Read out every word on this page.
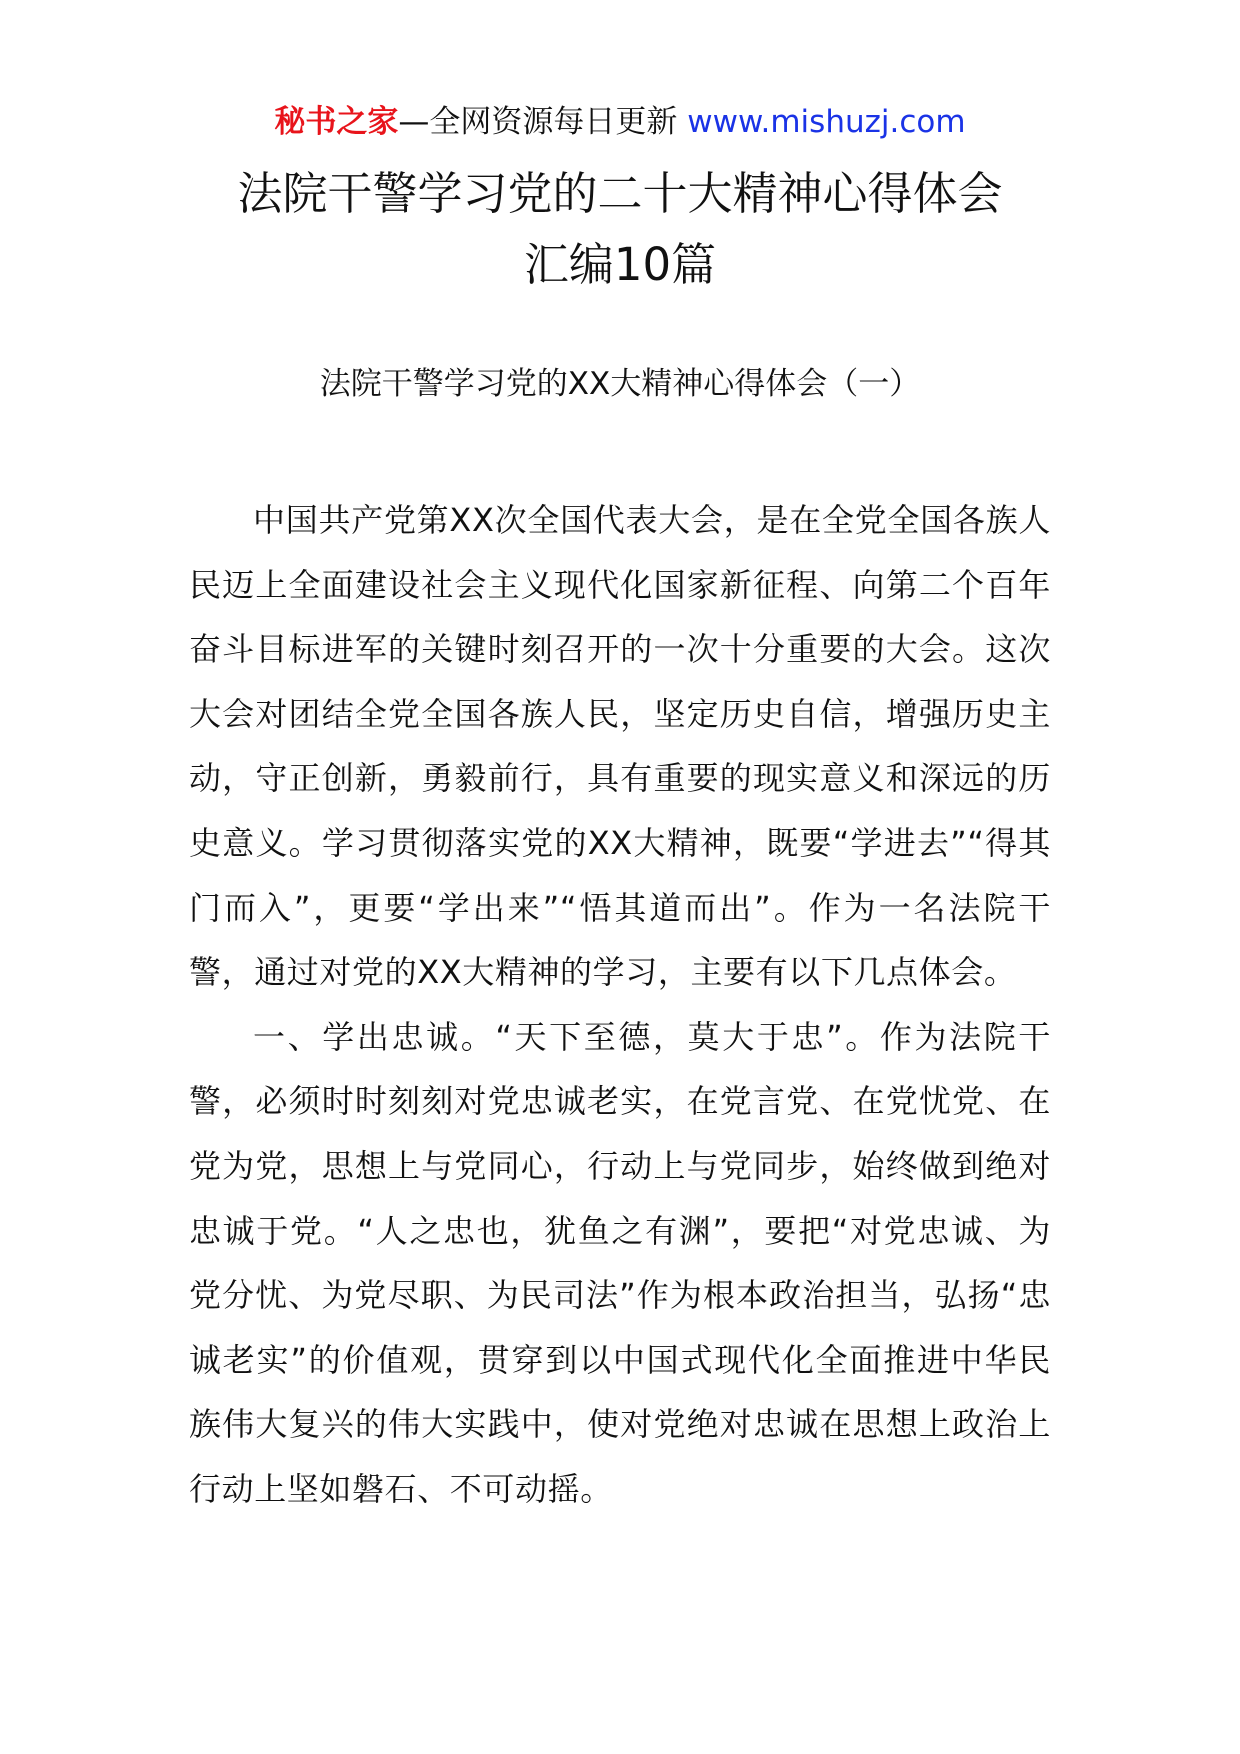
秘书之家—全网资源每日更新 www.mishuzj.com
法院干警学习党的二十大精神心得体会
汇编10篇
法院干警学习党的XX大精神心得体会（一）

中国共产党第XX次全国代表大会，是在全党全国各族人民迈上全面建设社会主义现代化国家新征程、向第二个百年奋斗目标进军的关键时刻召开的一次十分重要的大会。这次大会对团结全党全国各族人民，坚定历史自信，增强历史主动，守正创新，勇毅前行，具有重要的现实意义和深远的历史意义。学习贯彻落实党的XX大精神，既要“学进去”“得其门而入”，更要“学出来”“悟其道而出”。作为一名法院干警，通过对党的XX大精神的学习，主要有以下几点体会。

一、学出忠诚。“天下至德，莫大于忠”。作为法院干警，必须时时刻刻对党忠诚老实，在党言党、在党忧党、在党为党，思想上与党同心，行动上与党同步，始终做到绝对忠诚于党。“人之忠也，犹鱼之有渊”，要把“对党忠诚、为党分忧、为党尽职、为民司法”作为根本政治担当，弘扬“忠诚老实”的价值观，贯穿到以中国式现代化全面推进中华民族伟大复兴的伟大实践中，使对党绝对忠诚在思想上政治上行动上坚如磐石、不可动摇。
